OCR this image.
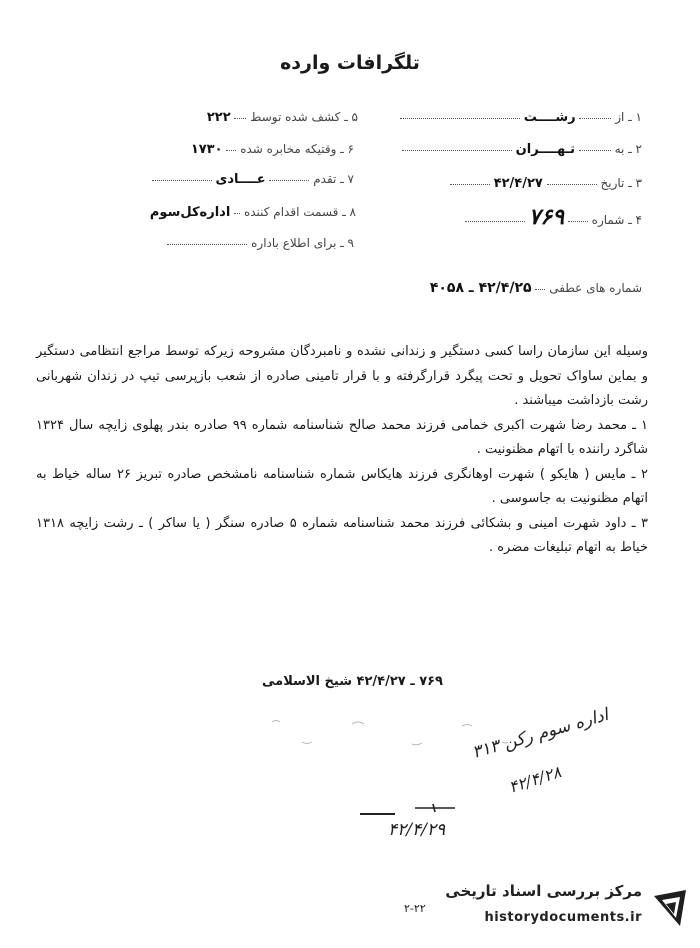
تلگرافات وارده
۱ ـ از  رشــــت
۲ ـ به  تـهــــران
۳ ـ تاریخ  ۴۲/۴/۲۷
۴ ـ شماره  ۷۶۹
۵ ـ کشف شده توسط  ۲۲۲
۶ ـ وقتیکه مخابره شده  ۱۷۳۰
۷ ـ تقدم  عــــادی
۸ ـ قسمت اقدام کننده  اداره‌کل‌سوم
۹ ـ برای اطلاع باداره
شماره های عطفی  ۴۲/۴/۲۵ ـ ۴۰۵۸

وسیله این سازمان راسا کسی دستگیر و زندانی نشده و نامبردگان مشروحه زیرکه توسط مراجع انتظامی دستگیر و بماین ساواک تحویل و تحت پیگرد قرارگرفته و با قرار تامینی صادره از شعب بازپرسی تیپ در زندان شهربانی رشت بازداشت میباشند .

۱ ـ محمد رضا شهرت اکبری خمامی فرزند محمد صالح شناسنامه شماره ۹۹ صادره بندر پهلوی زایچه سال ۱۳۲۴ شاگرد راننده با اتهام مظنونیت .

۲ ـ مایس ( هایکو ) شهرت اوهانگری فرزند هایکاس شماره شناسنامه نامشخص صادره تبریز ۲۶ ساله خیاط به اتهام مظنونیت به جاسوسی .

۳ ـ داود شهرت امینی و بشکائی فرزند محمد شناسنامه شماره ۵ صادره سنگر ( یا ساکر ) ـ رشت زایچه ۱۳۱۸ خیاط به اتهام تبلیغات مضره .

۷۶۹ ـ ۴۲/۴/۲۷ شیخ الاسلامی
اداره سوم رکن ۳۱۳
۴۲/۴/۲۸
۴۲/۴/۲۹
مرکز بررسی اسناد تاریخی
historydocuments.ir
۲-۲۲
